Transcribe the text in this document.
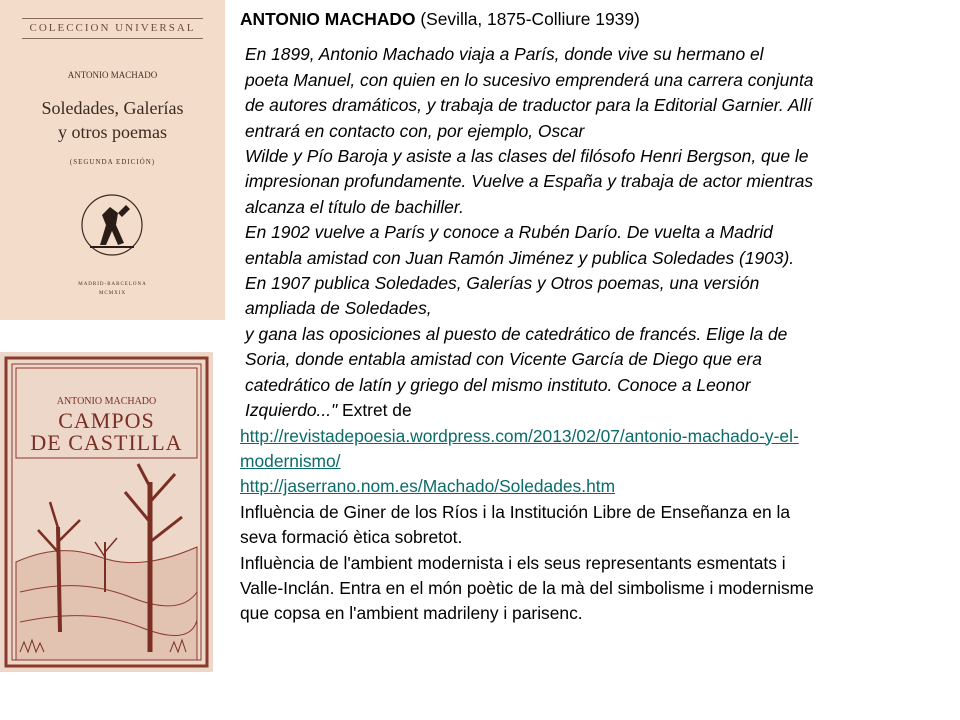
COLECCION UNIVERSAL
ANTONIO MACHADO
Soledades, Galerías
y otros poemas
(SEGUNDA EDICIÓN)
MADRID-BARCELONA
MCMXIX
ANTONIO MACHADO
CAMPOS
DE CASTILLA

ANTONIO MACHADO (Sevilla, 1875-Colliure 1939)

En 1899, Antonio Machado viaja a París, donde vive su hermano el
poeta Manuel, con quien en lo sucesivo emprenderá una carrera conjunta
de autores dramáticos, y trabaja de traductor para la Editorial Garnier. Allí
entrará en contacto con, por ejemplo, Oscar
Wilde y Pío Baroja y asiste a las clases del filósofo Henri Bergson, que le
impresionan profundamente. Vuelve a España y trabaja de actor mientras
alcanza el título de bachiller.
En 1902 vuelve a París y conoce a Rubén Darío. De vuelta a Madrid
entabla amistad con Juan Ramón Jiménez y publica Soledades (1903).
En 1907 publica Soledades, Galerías y Otros poemas, una versión
ampliada de Soledades,
y gana las oposiciones al puesto de catedrático de francés. Elige la de
Soria, donde entabla amistad con Vicente García de Diego que era
catedrático de latín y griego del mismo instituto. Conoce a Leonor
Izquierdo..." Extret de

http://revistadepoesia.wordpress.com/2013/02/07/antonio-machado-y-el-
modernismo/
http://jaserrano.nom.es/Machado/Soledades.htm

Influència de Giner de los Ríos i la Institución Libre de Enseñanza en la
seva formació ètica sobretot.
Influència de l'ambient modernista i els seus representants esmentats i
Valle-Inclán. Entra en el món poètic de la mà del simbolisme i modernisme
que copsa en l'ambient madrileny i parisenc.
